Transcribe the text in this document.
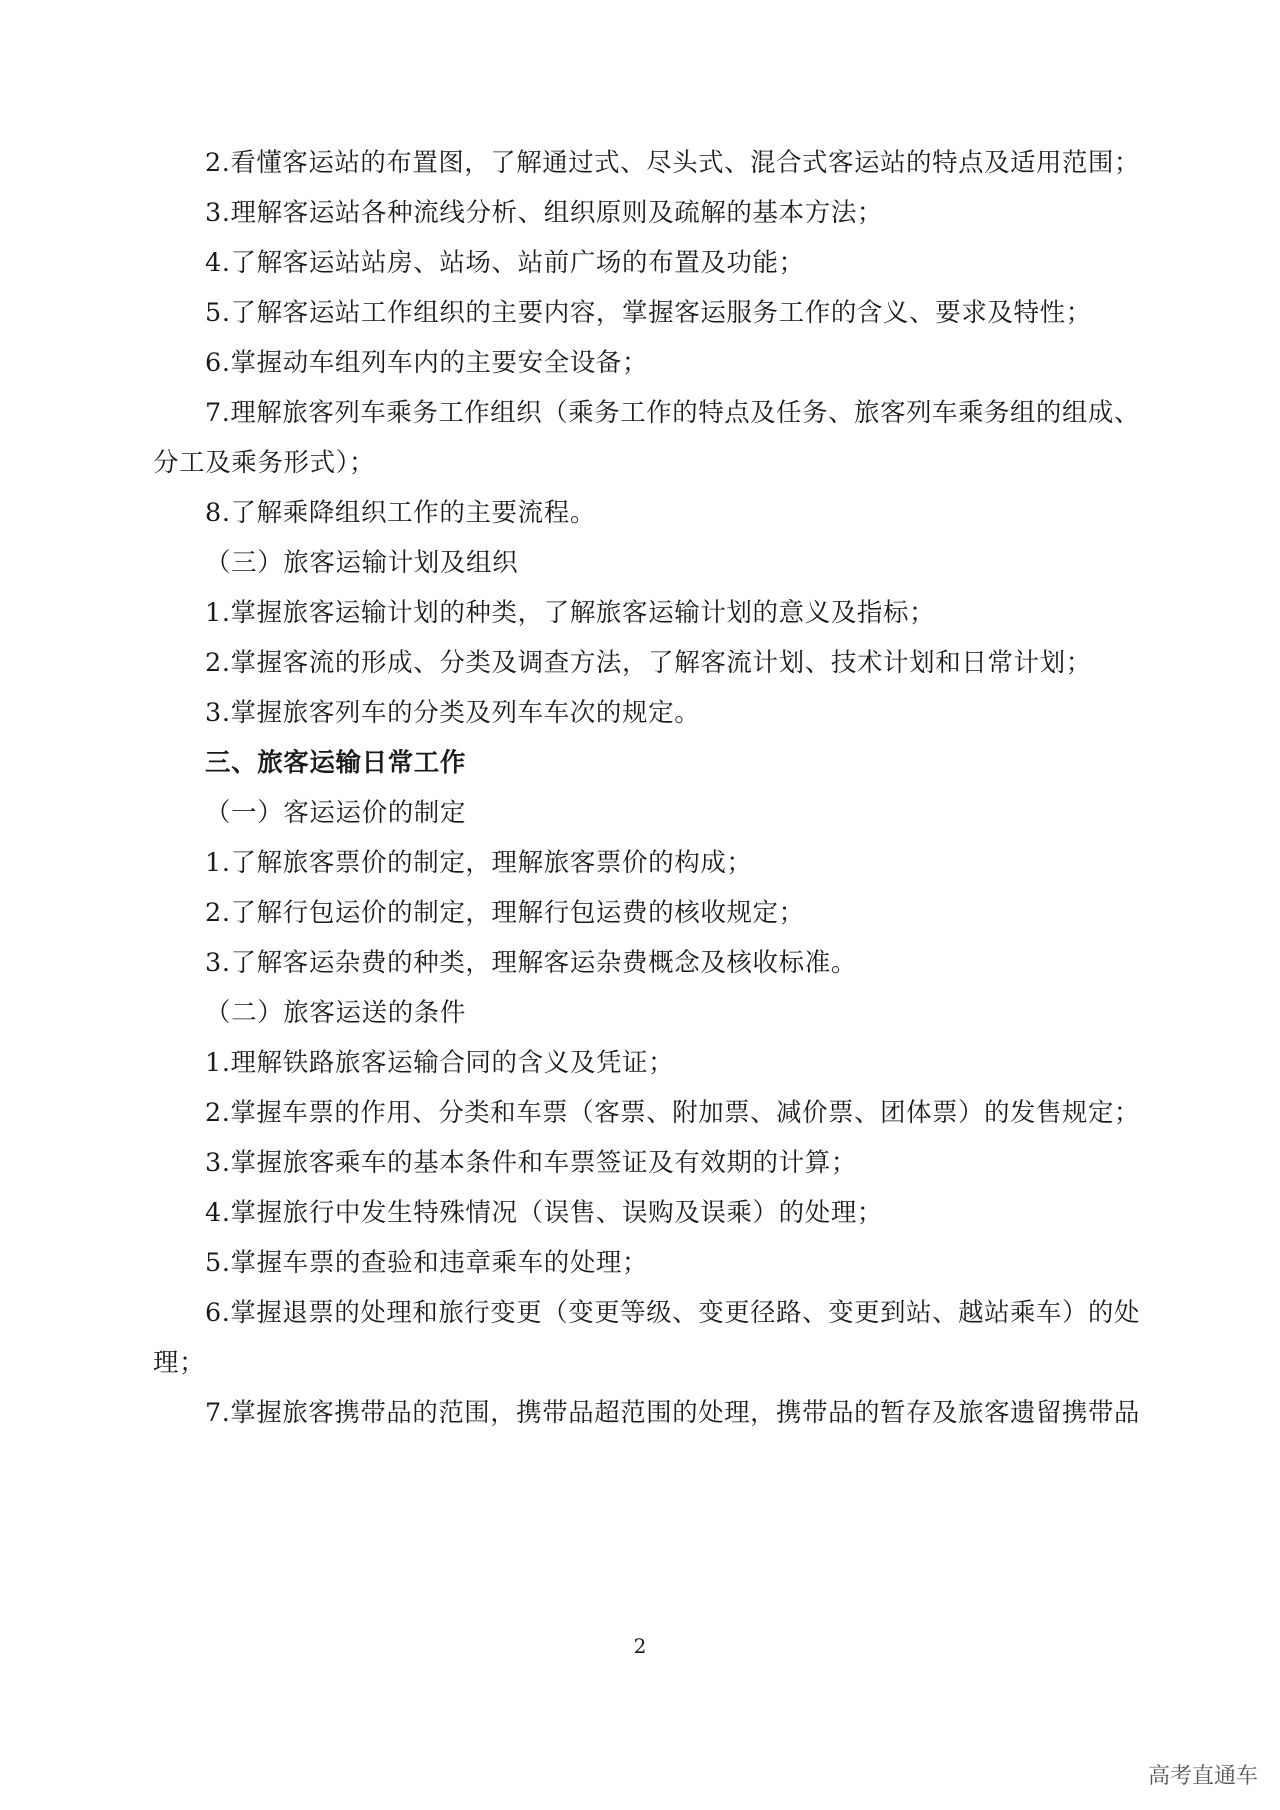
2.看懂客运站的布置图，了解通过式、尽头式、混合式客运站的特点及适用范围；
3.理解客运站各种流线分析、组织原则及疏解的基本方法；
4.了解客运站站房、站场、站前广场的布置及功能；
5.了解客运站工作组织的主要内容，掌握客运服务工作的含义、要求及特性；
6.掌握动车组列车内的主要安全设备；
7.理解旅客列车乘务工作组织（乘务工作的特点及任务、旅客列车乘务组的组成、
分工及乘务形式）；
8.了解乘降组织工作的主要流程。
（三）旅客运输计划及组织
1.掌握旅客运输计划的种类，了解旅客运输计划的意义及指标；
2.掌握客流的形成、分类及调查方法，了解客流计划、技术计划和日常计划；
3.掌握旅客列车的分类及列车车次的规定。
三、旅客运输日常工作
（一）客运运价的制定
1.了解旅客票价的制定，理解旅客票价的构成；
2.了解行包运价的制定，理解行包运费的核收规定；
3.了解客运杂费的种类，理解客运杂费概念及核收标准。
（二）旅客运送的条件
1.理解铁路旅客运输合同的含义及凭证；
2.掌握车票的作用、分类和车票（客票、附加票、减价票、团体票）的发售规定；
3.掌握旅客乘车的基本条件和车票签证及有效期的计算；
4.掌握旅行中发生特殊情况（误售、误购及误乘）的处理；
5.掌握车票的查验和违章乘车的处理；
6.掌握退票的处理和旅行变更（变更等级、变更径路、变更到站、越站乘车）的处
理；
7.掌握旅客携带品的范围，携带品超范围的处理，携带品的暂存及旅客遗留携带品
2
高考直通车
